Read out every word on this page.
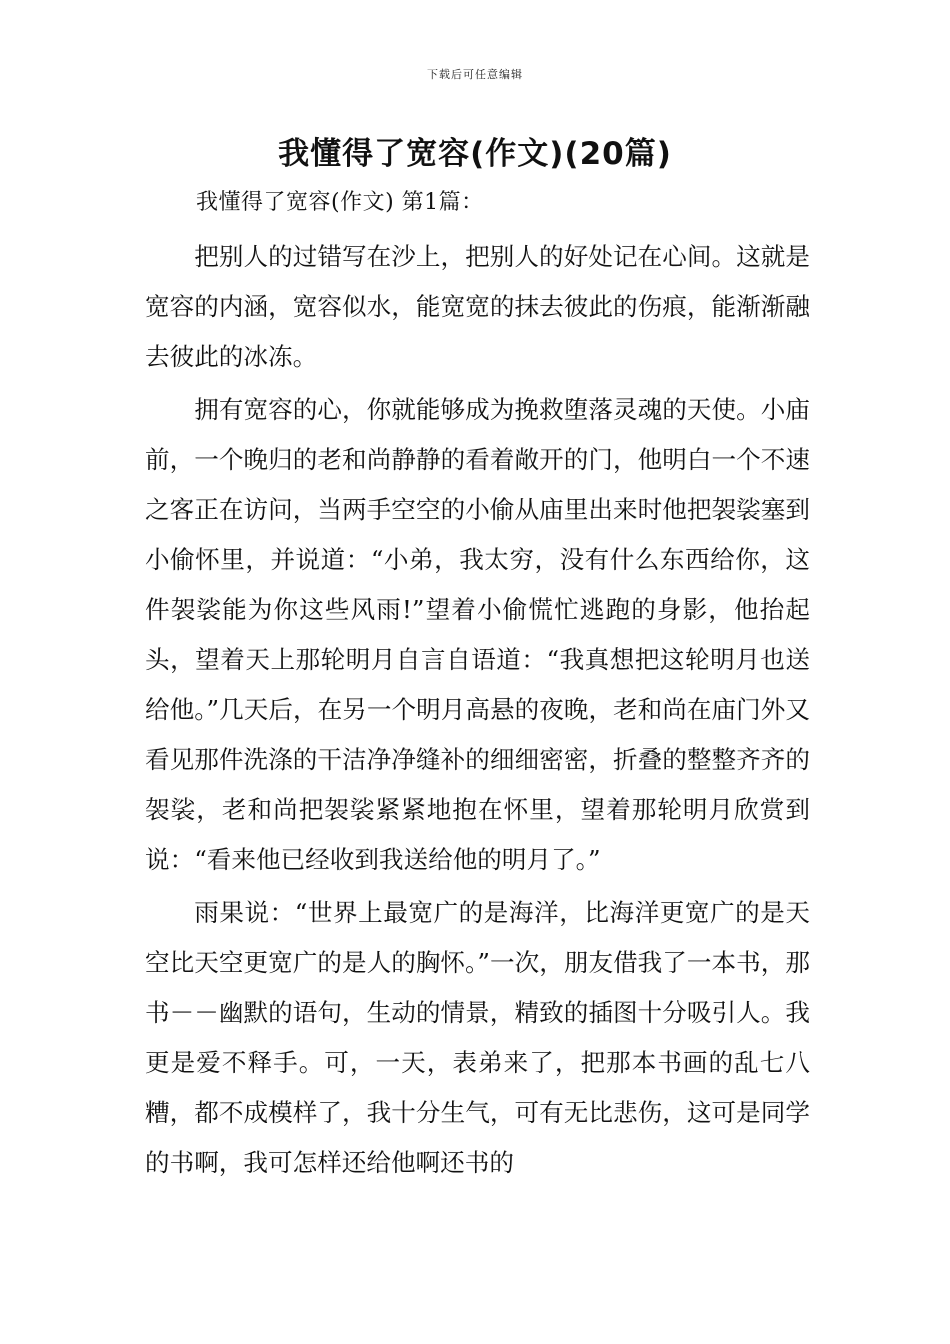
下载后可任意编辑
我懂得了宽容(作文)(20篇)
我懂得了宽容(作文) 第1篇：

把别人的过错写在沙上，把别人的好处记在心间。这就是宽容的内涵，宽容似水，能宽宽的抹去彼此的伤痕，能渐渐融去彼此的冰冻。

拥有宽容的心，你就能够成为挽救堕落灵魂的天使。小庙前，一个晚归的老和尚静静的看着敞开的门，他明白一个不速之客正在访问，当两手空空的小偷从庙里出来时他把袈裟塞到小偷怀里，并说道：“小弟，我太穷，没有什么东西给你，这件袈裟能为你这些风雨!”望着小偷慌忙逃跑的身影，他抬起头，望着天上那轮明月自言自语道：“我真想把这轮明月也送给他。”几天后，在另一个明月高悬的夜晚，老和尚在庙门外又看见那件洗涤的干洁净净缝补的细细密密，折叠的整整齐齐的袈裟，老和尚把袈裟紧紧地抱在怀里，望着那轮明月欣赏到说：“看来他已经收到我送给他的明月了。”

雨果说：“世界上最宽广的是海洋，比海洋更宽广的是天空比天空更宽广的是人的胸怀。”一次，朋友借我了一本书，那书－－幽默的语句，生动的情景，精致的插图十分吸引人。我更是爱不释手。可，一天，表弟来了，把那本书画的乱七八糟，都不成模样了，我十分生气，可有无比悲伤，这可是同学的书啊，我可怎样还给他啊还书的
